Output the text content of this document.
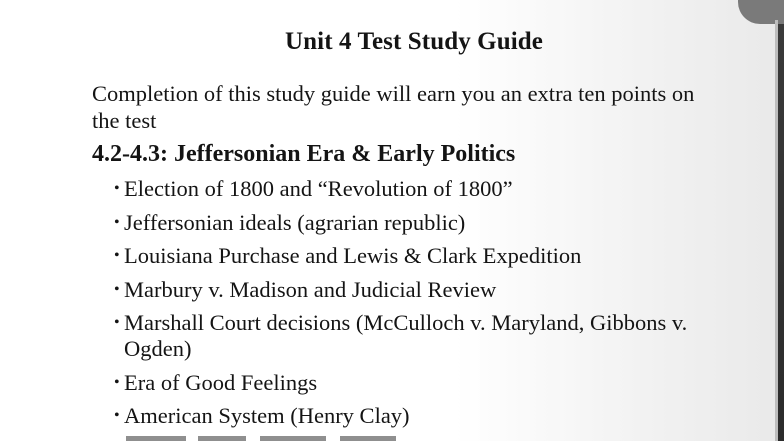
Unit 4 Test Study Guide
Completion of this study guide will earn you an extra ten points on the test
4.2-4.3: Jeffersonian Era & Early Politics
• Election of 1800 and “Revolution of 1800”
• Jeffersonian ideals (agrarian republic)
• Louisiana Purchase and Lewis & Clark Expedition
• Marbury v. Madison and Judicial Review
• Marshall Court decisions (McCulloch v. Maryland, Gibbons v. Ogden)
• Era of Good Feelings
• American System (Henry Clay)
